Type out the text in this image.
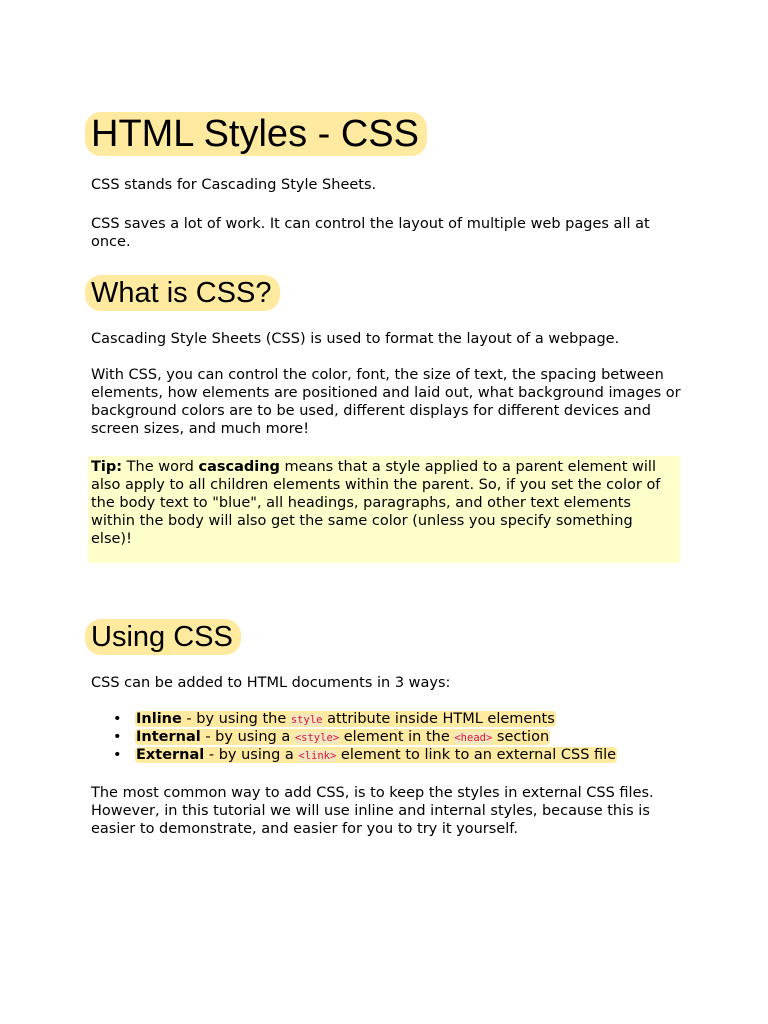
HTML Styles - CSS

CSS stands for Cascading Style Sheets.

CSS saves a lot of work. It can control the layout of multiple web pages all at once.

What is CSS?

Cascading Style Sheets (CSS) is used to format the layout of a webpage.

With CSS, you can control the color, font, the size of text, the spacing between elements, how elements are positioned and laid out, what background images or background colors are to be used, different displays for different devices and screen sizes, and much more!

Tip: The word cascading means that a style applied to a parent element will also apply to all children elements within the parent. So, if you set the color of the body text to "blue", all headings, paragraphs, and other text elements within the body will also get the same color (unless you specify something else)!

Using CSS

CSS can be added to HTML documents in 3 ways:

• Inline - by using the style attribute inside HTML elements
• Internal - by using a <style> element in the <head> section
• External - by using a <link> element to link to an external CSS file

The most common way to add CSS, is to keep the styles in external CSS files. However, in this tutorial we will use inline and internal styles, because this is easier to demonstrate, and easier for you to try it yourself.
